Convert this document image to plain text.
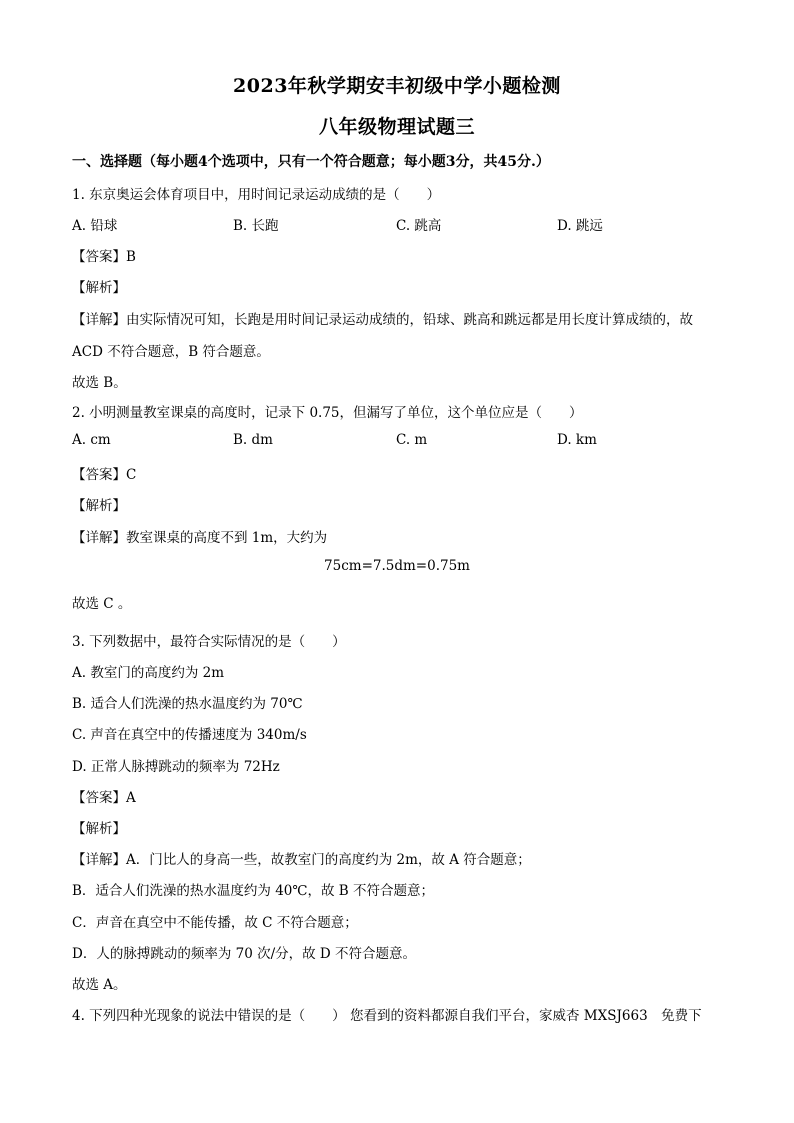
2023年秋学期安丰初级中学小题检测
八年级物理试题三
一、选择题（每小题4个选项中，只有一个符合题意；每小题3分，共45分.）
1. 东京奥运会体育项目中，用时间记录运动成绩的是（　　）
A. 铅球	B. 长跑	C. 跳高	D. 跳远
【答案】B
【解析】
【详解】由实际情况可知，长跑是用时间记录运动成绩的，铅球、跳高和跳远都是用长度计算成绩的，故
ACD 不符合题意，B 符合题意。
故选 B。
2. 小明测量教室课桌的高度时，记录下 0.75，但漏写了单位，这个单位应是（　　）
A. cm	B. dm	C. m	D. km
【答案】C
【解析】
【详解】教室课桌的高度不到 1m，大约为
75cm=7.5dm=0.75m
故选 C 。
3. 下列数据中，最符合实际情况的是（　　）
A. 教室门的高度约为 2m
B. 适合人们洗澡的热水温度约为 70℃
C. 声音在真空中的传播速度为 340m/s
D. 正常人脉搏跳动的频率为 72Hz
【答案】A
【解析】
【详解】A．门比人的身高一些，故教室门的高度约为 2m，故 A 符合题意；
B．适合人们洗澡的热水温度约为 40℃，故 B 不符合题意；
C．声音在真空中不能传播，故 C 不符合题意；
D．人的脉搏跳动的频率为 70 次/分，故 D 不符合题意。
故选 A。
4. 下列四种光现象的说法中错误的是（　　） 您看到的资料都源自我们平台，家威杏 MXSJ663　免费下
